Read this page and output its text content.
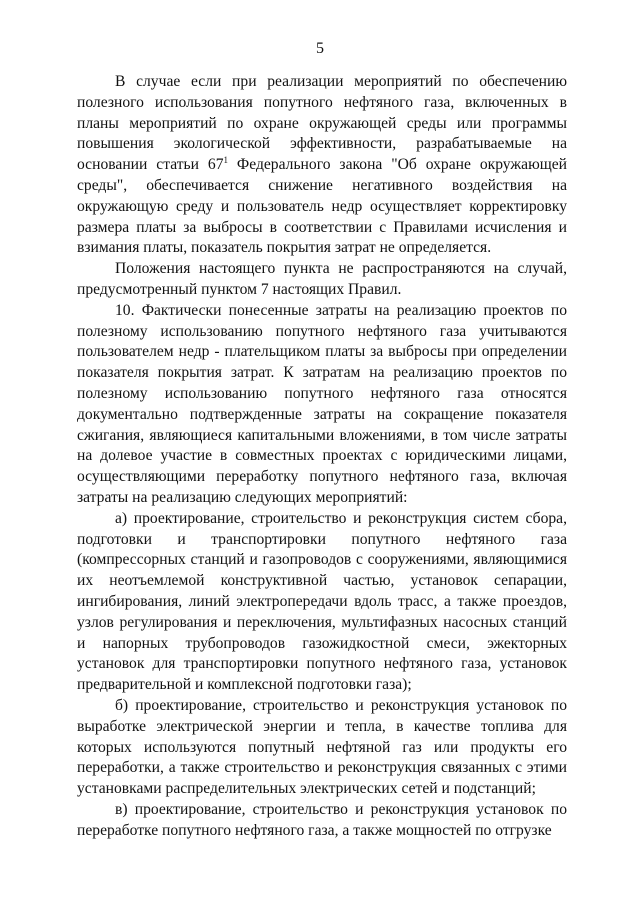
5

В случае если при реализации мероприятий по обеспечению полезного использования попутного нефтяного газа, включенных в планы мероприятий по охране окружающей среды или программы повышения экологической эффективности, разрабатываемые на основании статьи $67^1$ Федерального закона "Об охране окружающей среды", обеспечивается снижение негативного воздействия на окружающую среду и пользователь недр осуществляет корректировку размера платы за выбросы в соответствии с Правилами исчисления и взимания платы, показатель покрытия затрат не определяется.

Положения настоящего пункта не распространяются на случай, предусмотренный пунктом 7 настоящих Правил.

10. Фактически понесенные затраты на реализацию проектов по полезному использованию попутного нефтяного газа учитываются пользователем недр - плательщиком платы за выбросы при определении показателя покрытия затрат. К затратам на реализацию проектов по полезному использованию попутного нефтяного газа относятся документально подтвержденные затраты на сокращение показателя сжигания, являющиеся капитальными вложениями, в том числе затраты на долевое участие в совместных проектах с юридическими лицами, осуществляющими переработку попутного нефтяного газа, включая затраты на реализацию следующих мероприятий:

а) проектирование, строительство и реконструкция систем сбора, подготовки и транспортировки попутного нефтяного газа (компрессорных станций и газопроводов с сооружениями, являющимися их неотъемлемой конструктивной частью, установок сепарации, ингибирования, линий электропередачи вдоль трасс, а также проездов, узлов регулирования и переключения, мультифазных насосных станций и напорных трубопроводов газожидкостной смеси, эжекторных установок для транспортировки попутного нефтяного газа, установок предварительной и комплексной подготовки газа);

б) проектирование, строительство и реконструкция установок по выработке электрической энергии и тепла, в качестве топлива для которых используются попутный нефтяной газ или продукты его переработки, а также строительство и реконструкция связанных с этими установками распределительных электрических сетей и подстанций;

в) проектирование, строительство и реконструкция установок по переработке попутного нефтяного газа, а также мощностей по отгрузке
